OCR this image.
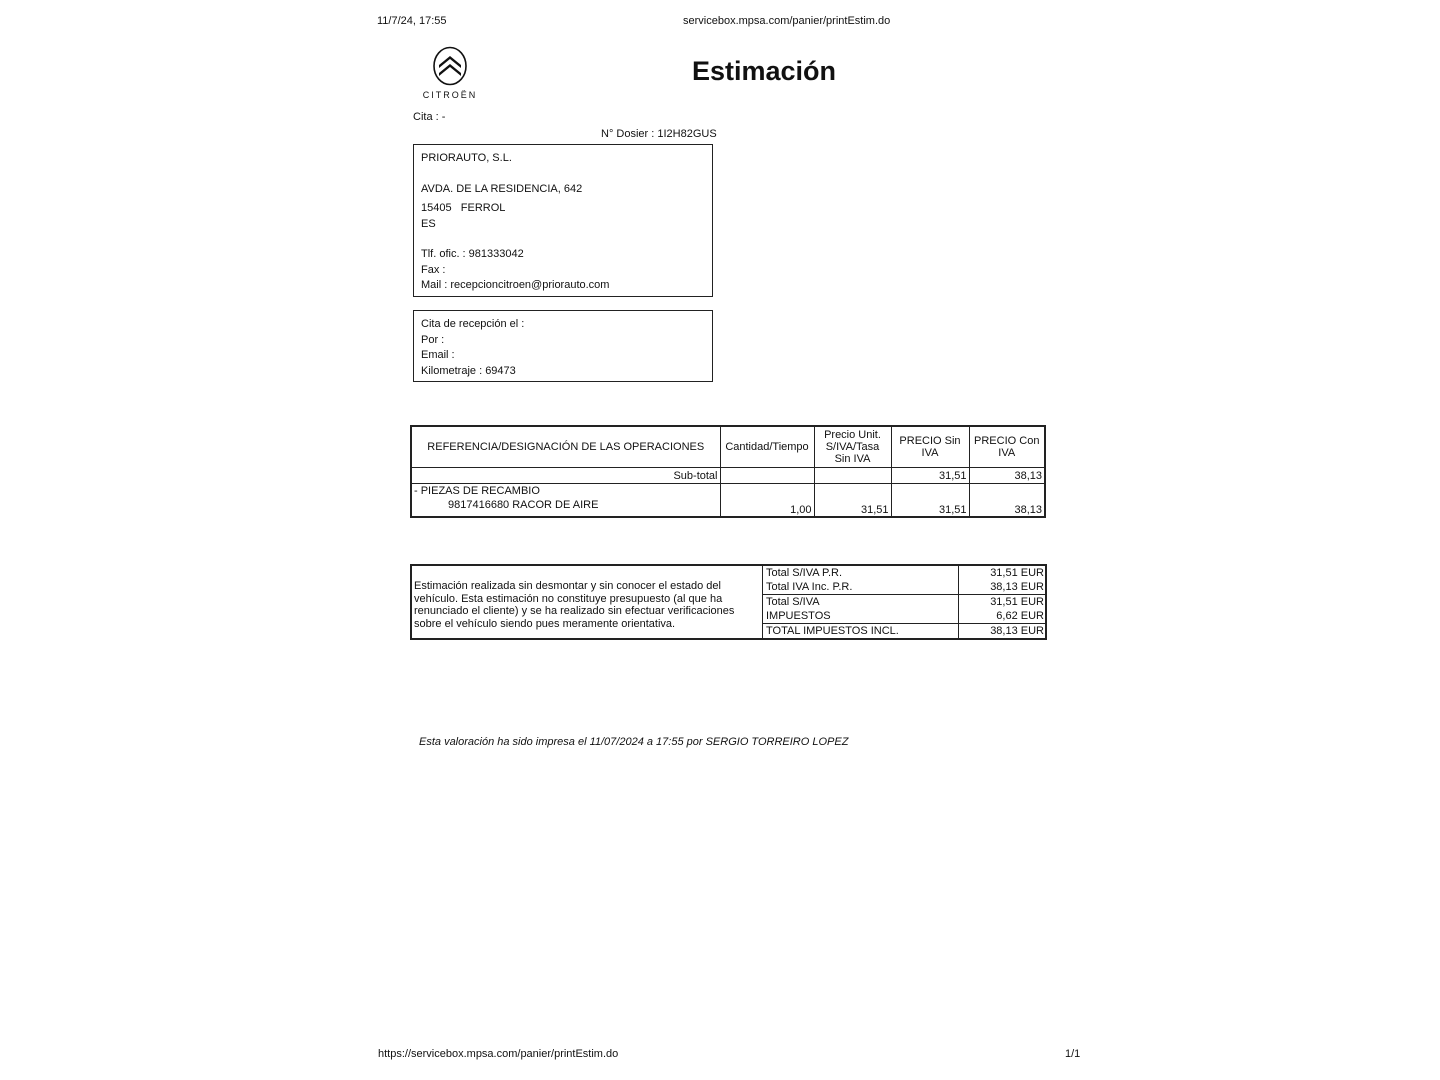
11/7/24, 17:55	servicebox.mpsa.com/panier/printEstim.do
CITROËN
Estimación
Cita : -
N° Dosier : 1I2H82GUS
PRIORAUTO, S.L.
AVDA. DE LA RESIDENCIA, 642
15405   FERROL
ES
Tlf. ofic. : 981333042
Fax :
Mail : recepcioncitroen@priorauto.com
Cita de recepción el :
Por :
Email :
Kilometraje : 69473
REFERENCIA/DESIGNACIÓN DE LAS OPERACIONES	Cantidad/Tiempo	Precio Unit. S/IVA/Tasa Sin IVA	PRECIO Sin IVA	PRECIO Con IVA
Sub-total			31,51	38,13

- PIEZAS DE RECAMBIO
9817416680 RACOR DE AIRE	1,00	31,51	31,51	38,13
Estimación realizada sin desmontar y sin conocer el estado del vehículo. Esta estimación no constituye presupuesto (al que ha renunciado el cliente) y se ha realizado sin efectuar verificaciones sobre el vehículo siendo pues meramente orientativa.
Total S/IVA P.R.	31,51 EUR
Total IVA Inc. P.R.	38,13 EUR
Total S/IVA	31,51 EUR
IMPUESTOS	6,62 EUR
TOTAL IMPUESTOS INCL.	38,13 EUR
Esta valoración ha sido impresa el 11/07/2024 a 17:55 por SERGIO TORREIRO LOPEZ
https://servicebox.mpsa.com/panier/printEstim.do	1/1
